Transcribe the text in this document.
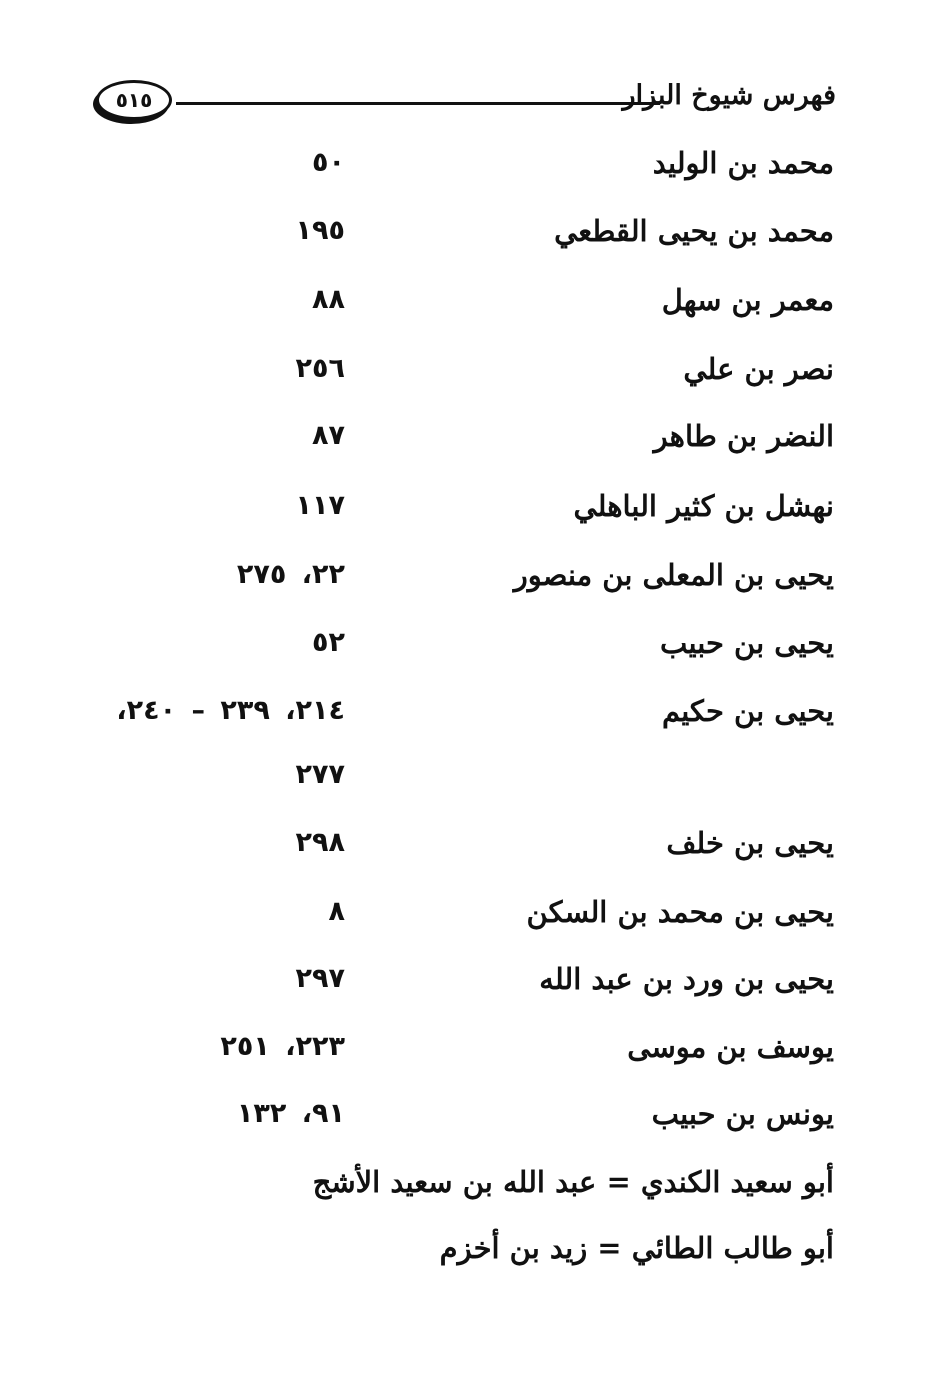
٥١٥	فهرس شيوخ البزار
محمد بن الوليد
٥٠
محمد بن يحيى القطعي
١٩٥
معمر بن سهل
٨٨
نصر بن علي
٢٥٦
النضر بن طاهر
٨٧
نهشل بن كثير الباهلي
١١٧
يحيى بن المعلى بن منصور
٢٢، ٢٧٥
يحيى بن حبيب
٥٢
يحيى بن حكيم
٢١٤، ٢٣٩ – ٢٤٠،
٢٧٧
يحيى بن خلف
٢٩٨
يحيى بن محمد بن السكن
٨
يحيى بن ورد بن عبد الله
٢٩٧
يوسف بن موسى
٢٢٣، ٢٥١
يونس بن حبيب
٩١، ١٣٢
أبو سعيد الكندي = عبد الله بن سعيد الأشج
أبو طالب الطائي = زيد بن أخزم
